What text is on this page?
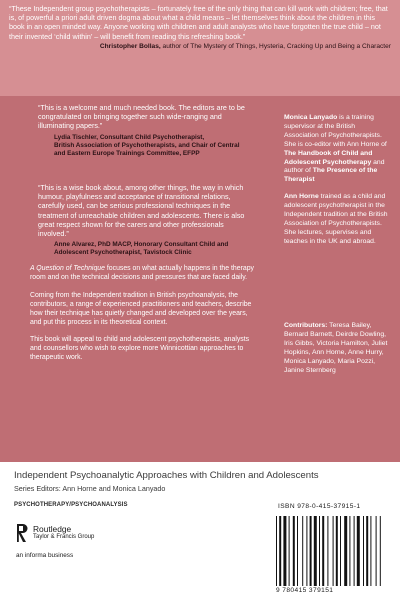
“These Independent group psychotherapists – fortunately free of the only thing that can kill work with children; free, that is, of powerful a priori adult driven dogma about what a child means – let themselves think about the children in this book in an open minded way. Anyone working with children and adult analysts who have forgotten the true child – not their invented ‘child within’ – will benefit from reading this refreshing book.”

Christopher Bollas, author of The Mystery of Things, Hysteria, Cracking Up and Being a Character

“This is a welcome and much needed book. The editors are to be congratulated on bringing together such wide-ranging and illuminating papers.”

Lydia Tischler, Consultant Child Psychotherapist,
British Association of Psychotherapists, and Chair of Central
and Eastern Europe Trainings Committee, EFPP

“This is a wise book about, among other things, the way in which humour, playfulness and acceptance of transitional relations, carefully used, can be serious professional techniques in the treatment of unreachable children and adolescents. There is also great respect shown for the carers and other professionals involved.”

Anne Alvarez, PhD MACP, Honorary Consultant Child and
Adolescent Psychotherapist, Tavistock Clinic

A Question of Technique focuses on what actually happens in the therapy room and on the technical decisions and pressures that are faced daily.

Coming from the Independent tradition in British psychoanalysis, the contributors, a range of experienced practitioners and teachers, describe how their technique has quietly changed and developed over the years, and put this process in its theoretical context.

This book will appeal to child and adolescent psychotherapists, analysts and counsellors who wish to explore more Winnicottian approaches to therapeutic work.

Monica Lanyado is a training supervisor at the British Association of Psychotherapists. She is co-editor with Ann Horne of The Handbook of Child and Adolescent Psychotherapy and author of The Presence of the Therapist

Ann Horne trained as a child and adolescent psychotherapist in the Independent tradition at the British Association of Psychotherapists. She lectures, supervises and teaches in the UK and abroad.

Contributors: Teresa Bailey, Bernard Barnett, Deirdre Dowling, Iris Gibbs, Victoria Hamilton, Juliet Hopkins, Ann Horne, Anne Hurry, Monica Lanyado, Maria Pozzi, Janine Sternberg
Independent Psychoanalytic Approaches with Children and Adolescents
Series Editors: Ann Horne and Monica Lanyado
PSYCHOTHERAPY/PSYCHOANALYSIS
Routledge
Taylor & Francis Group
an informa business
ISBN 978-0-415-37915-1
9 780415 379151
